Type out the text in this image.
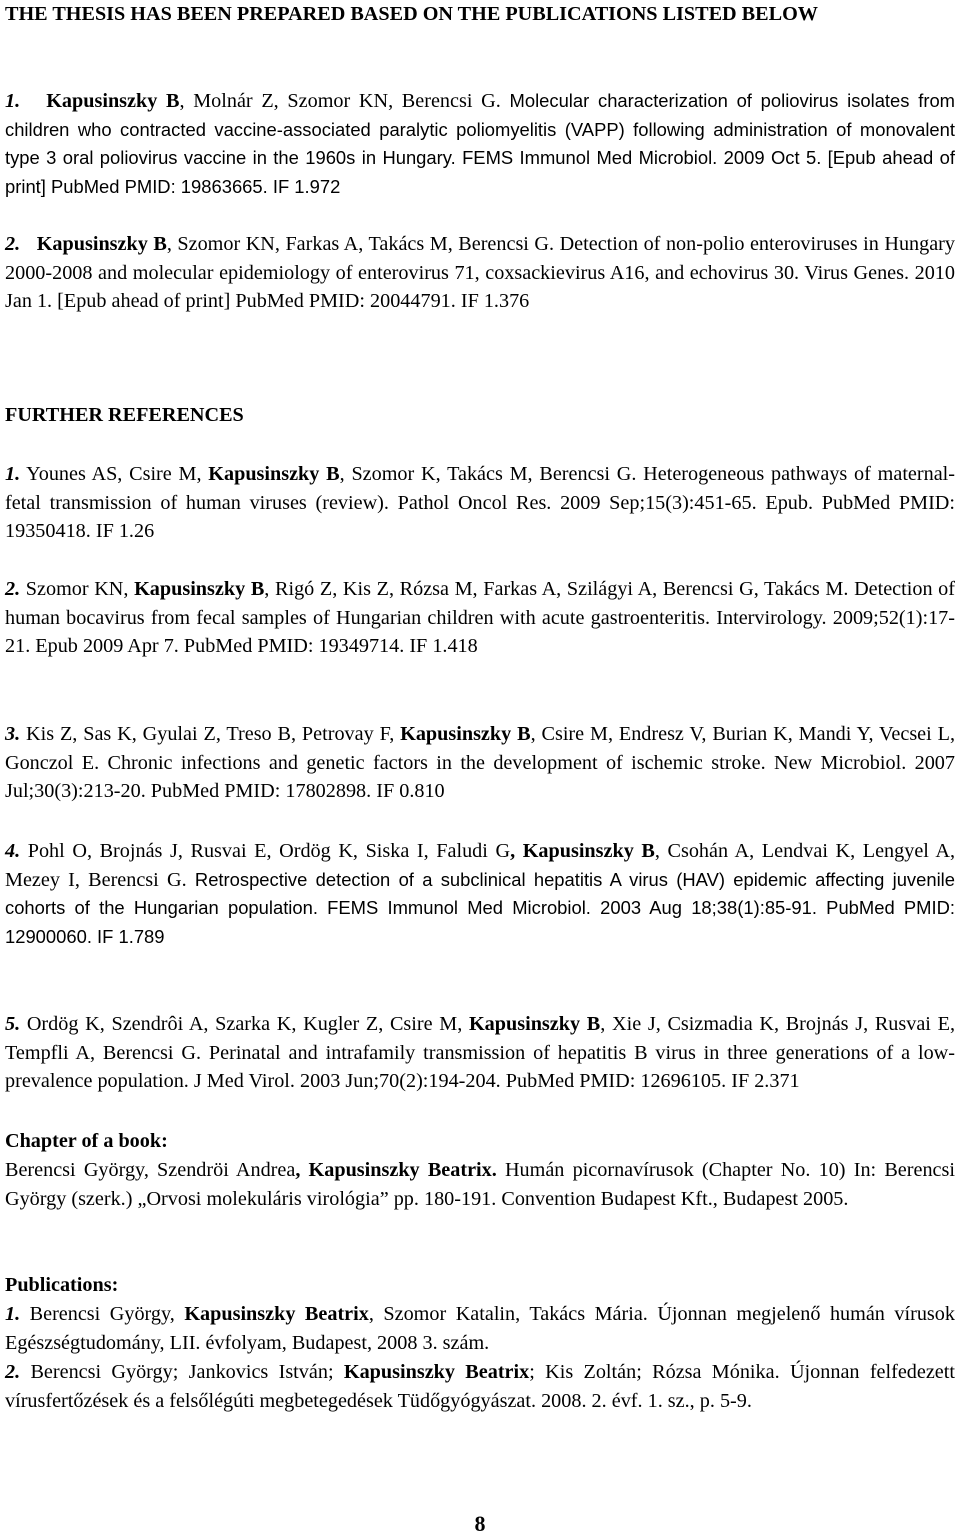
THE THESIS HAS BEEN PREPARED BASED ON THE PUBLICATIONS LISTED BELOW

1. Kapusinszky B, Molnár Z, Szomor KN, Berencsi G. Molecular characterization of poliovirus isolates from children who contracted vaccine-associated paralytic poliomyelitis (VAPP) following administration of monovalent type 3 oral poliovirus vaccine in the 1960s in Hungary. FEMS Immunol Med Microbiol. 2009 Oct 5. [Epub ahead of print] PubMed PMID: 19863665. IF 1.972

2. Kapusinszky B, Szomor KN, Farkas A, Takács M, Berencsi G. Detection of non-polio enteroviruses in Hungary 2000-2008 and molecular epidemiology of enterovirus 71, coxsackievirus A16, and echovirus 30. Virus Genes. 2010 Jan 1. [Epub ahead of print] PubMed PMID: 20044791. IF 1.376

FURTHER REFERENCES

1. Younes AS, Csire M, Kapusinszky B, Szomor K, Takács M, Berencsi G. Heterogeneous pathways of maternal-fetal transmission of human viruses (review). Pathol Oncol Res. 2009 Sep;15(3):451-65. Epub. PubMed PMID: 19350418. IF 1.26

2. Szomor KN, Kapusinszky B, Rigó Z, Kis Z, Rózsa M, Farkas A, Szilágyi A, Berencsi G, Takács M. Detection of human bocavirus from fecal samples of Hungarian children with acute gastroenteritis. Intervirology. 2009;52(1):17-21. Epub 2009 Apr 7. PubMed PMID: 19349714. IF 1.418

3. Kis Z, Sas K, Gyulai Z, Treso B, Petrovay F, Kapusinszky B, Csire M, Endresz V, Burian K, Mandi Y, Vecsei L, Gonczol E. Chronic infections and genetic factors in the development of ischemic stroke. New Microbiol. 2007 Jul;30(3):213-20. PubMed PMID: 17802898. IF 0.810

4. Pohl O, Brojnás J, Rusvai E, Ordög K, Siska I, Faludi G, Kapusinszky B, Csohán A, Lendvai K, Lengyel A, Mezey I, Berencsi G. Retrospective detection of a subclinical hepatitis A virus (HAV) epidemic affecting juvenile cohorts of the Hungarian population. FEMS Immunol Med Microbiol. 2003 Aug 18;38(1):85-91. PubMed PMID: 12900060. IF 1.789

5. Ordög K, Szendrôi A, Szarka K, Kugler Z, Csire M, Kapusinszky B, Xie J, Csizmadia K, Brojnás J, Rusvai E, Tempfli A, Berencsi G. Perinatal and intrafamily transmission of hepatitis B virus in three generations of a low-prevalence population. J Med Virol. 2003 Jun;70(2):194-204. PubMed PMID: 12696105. IF 2.371

Chapter of a book:

Berencsi György, Szendröi Andrea, Kapusinszky Beatrix. Humán picornavírusok (Chapter No. 10) In: Berencsi György (szerk.) „Orvosi molekuláris virológia” pp. 180-191. Convention Budapest Kft., Budapest 2005.

Publications:

1. Berencsi György, Kapusinszky Beatrix, Szomor Katalin, Takács Mária. Újonnan megjelenő humán vírusok Egészségtudomány, LII. évfolyam, Budapest, 2008 3. szám.

2. Berencsi György; Jankovics István; Kapusinszky Beatrix; Kis Zoltán; Rózsa Mónika. Újonnan felfedezett vírusfertőzések és a felsőlégúti megbetegedések Tüdőgyógyászat. 2008. 2. évf. 1. sz., p. 5-9.

8
